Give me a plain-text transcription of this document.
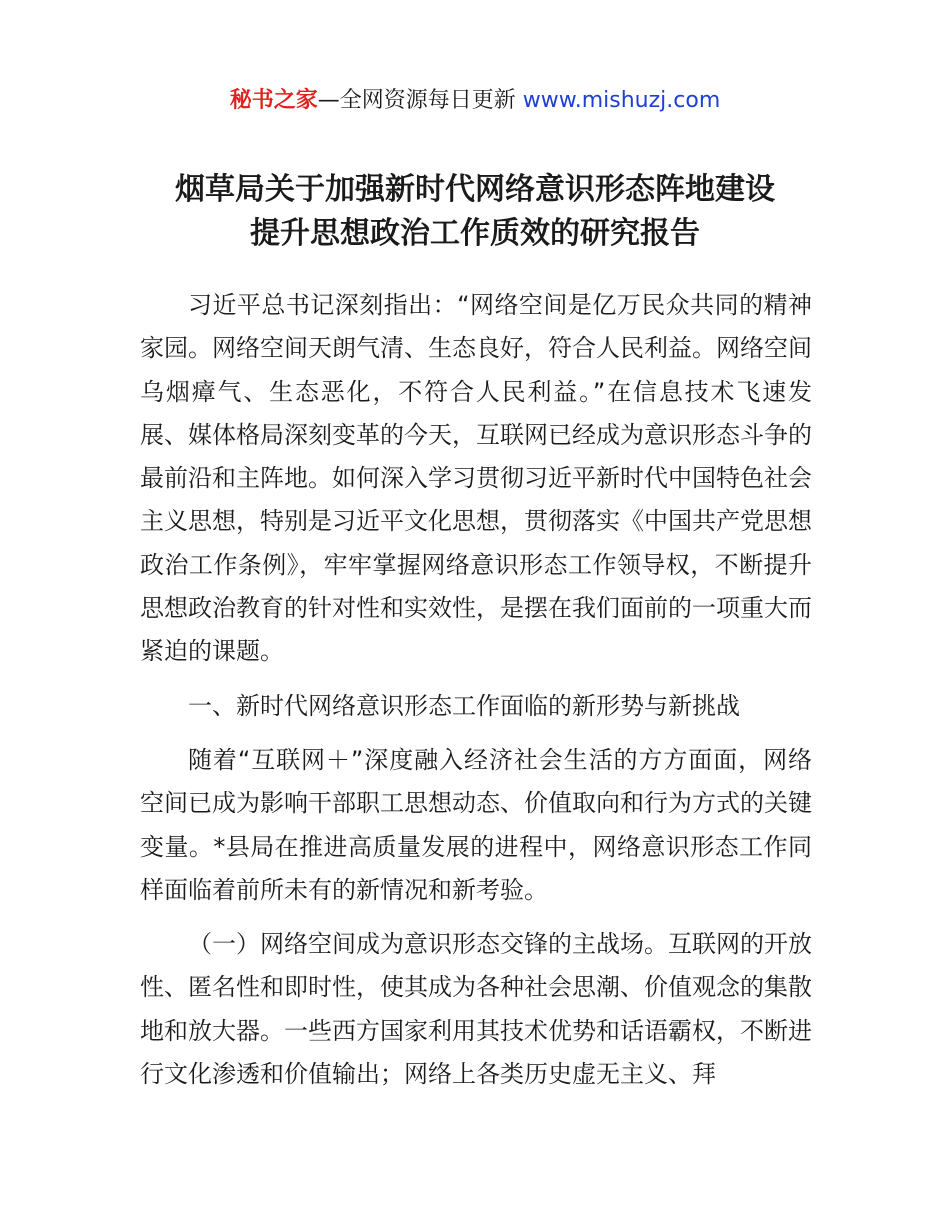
秘书之家—全网资源每日更新 www.mishuzj.com
烟草局关于加强新时代网络意识形态阵地建设
提升思想政治工作质效的研究报告

习近平总书记深刻指出：“网络空间是亿万民众共同的精神家园。网络空间天朗气清、生态良好，符合人民利益。网络空间乌烟瘴气、生态恶化，不符合人民利益。”在信息技术飞速发展、媒体格局深刻变革的今天，互联网已经成为意识形态斗争的最前沿和主阵地。如何深入学习贯彻习近平新时代中国特色社会主义思想，特别是习近平文化思想，贯彻落实《中国共产党思想政治工作条例》，牢牢掌握网络意识形态工作领导权，不断提升思想政治教育的针对性和实效性，是摆在我们面前的一项重大而紧迫的课题。

一、新时代网络意识形态工作面临的新形势与新挑战

随着“互联网＋”深度融入经济社会生活的方方面面，网络空间已成为影响干部职工思想动态、价值取向和行为方式的关键变量。*县局在推进高质量发展的进程中，网络意识形态工作同样面临着前所未有的新情况和新考验。

（一）网络空间成为意识形态交锋的主战场。互联网的开放性、匿名性和即时性，使其成为各种社会思潮、价值观念的集散地和放大器。一些西方国家利用其技术优势和话语霸权，不断进行文化渗透和价值输出；网络上各类历史虚无主义、拜
